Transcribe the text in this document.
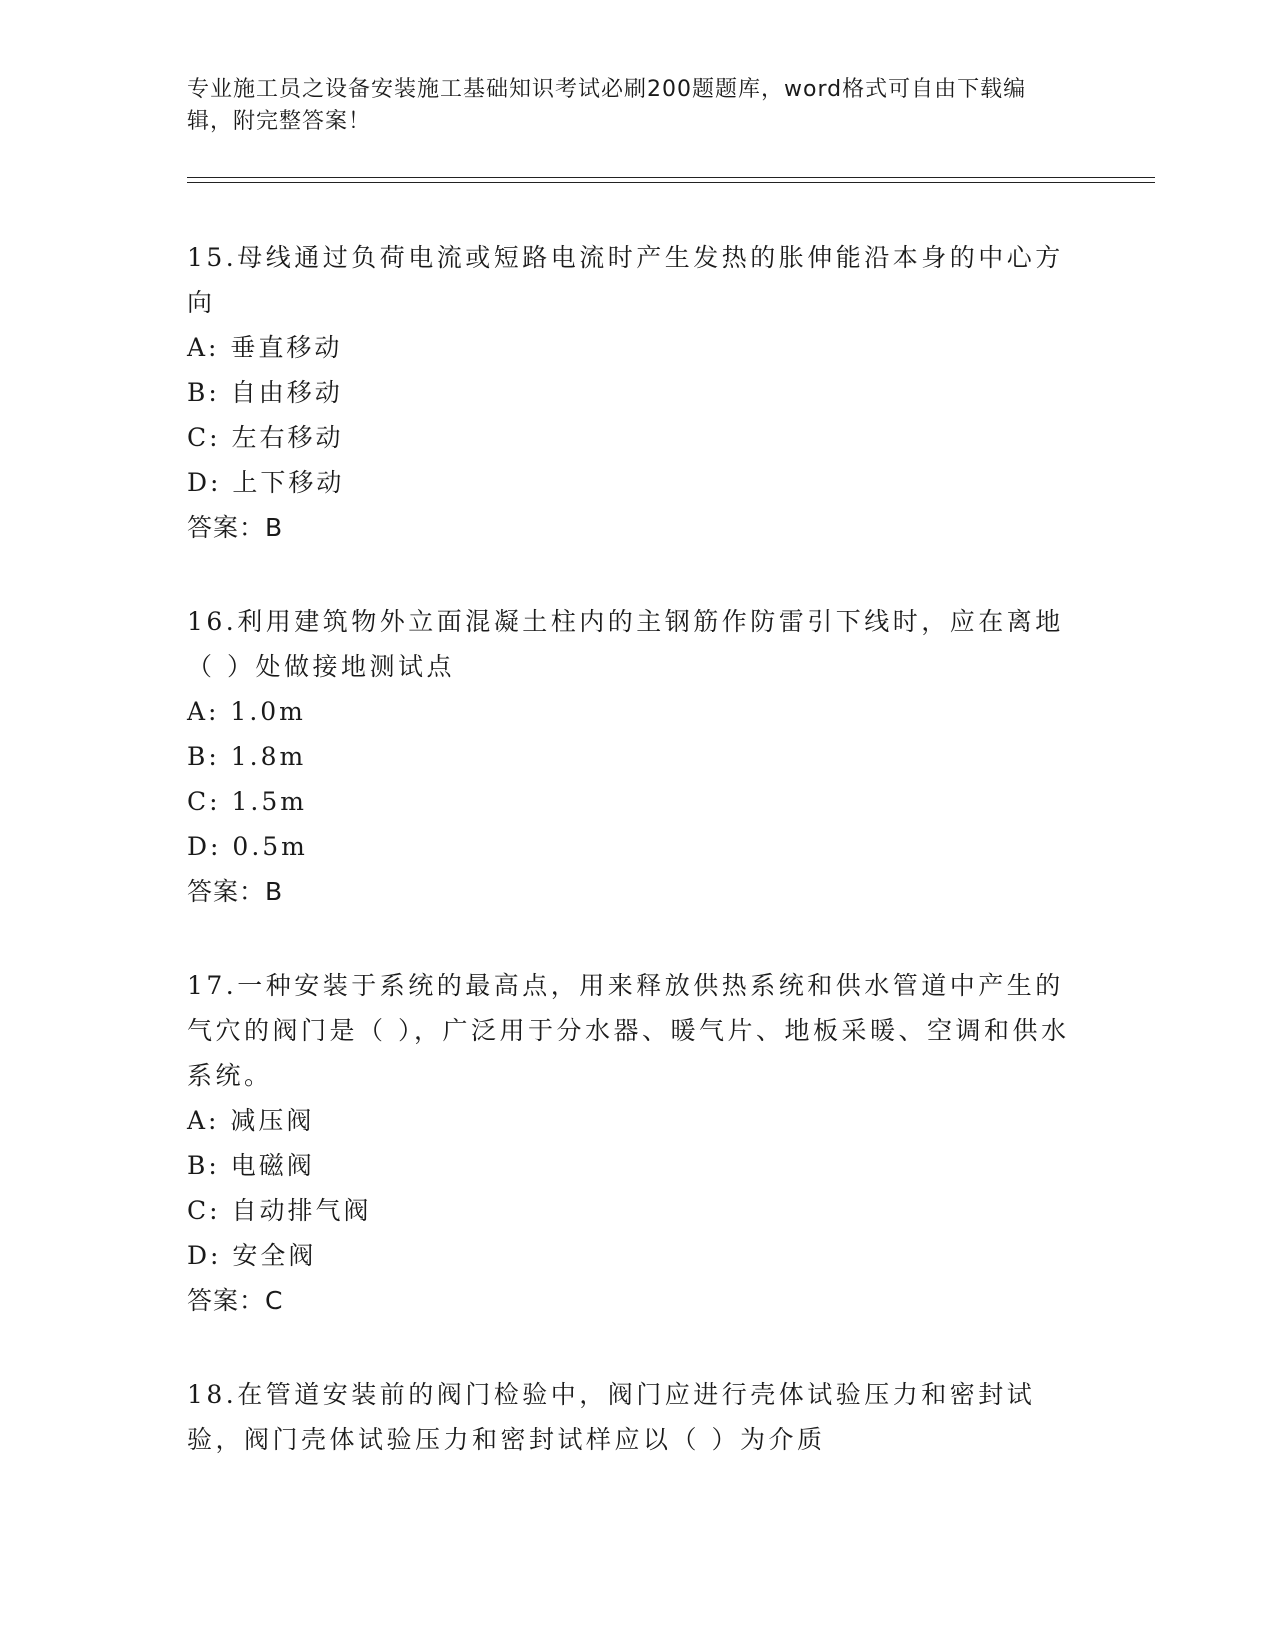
专业施工员之设备安装施工基础知识考试必刷200题题库，word格式可自由下载编辑，附完整答案！
15.母线通过负荷电流或短路电流时产生发热的胀伸能沿本身的中心方向
A: 垂直移动
B: 自由移动
C: 左右移动
D: 上下移动
答案：B
16.利用建筑物外立面混凝土柱内的主钢筋作防雷引下线时，应在离地（ ）处做接地测试点
A: 1.0m
B: 1.8m
C: 1.5m
D: 0.5m
答案：B
17.一种安装于系统的最高点，用来释放供热系统和供水管道中产生的气穴的阀门是（ ），广泛用于分水器、暖气片、地板采暖、空调和供水系统。
A: 减压阀
B: 电磁阀
C: 自动排气阀
D: 安全阀
答案：C
18.在管道安装前的阀门检验中，阀门应进行壳体试验压力和密封试验，阀门壳体试验压力和密封试样应以（ ）为介质
